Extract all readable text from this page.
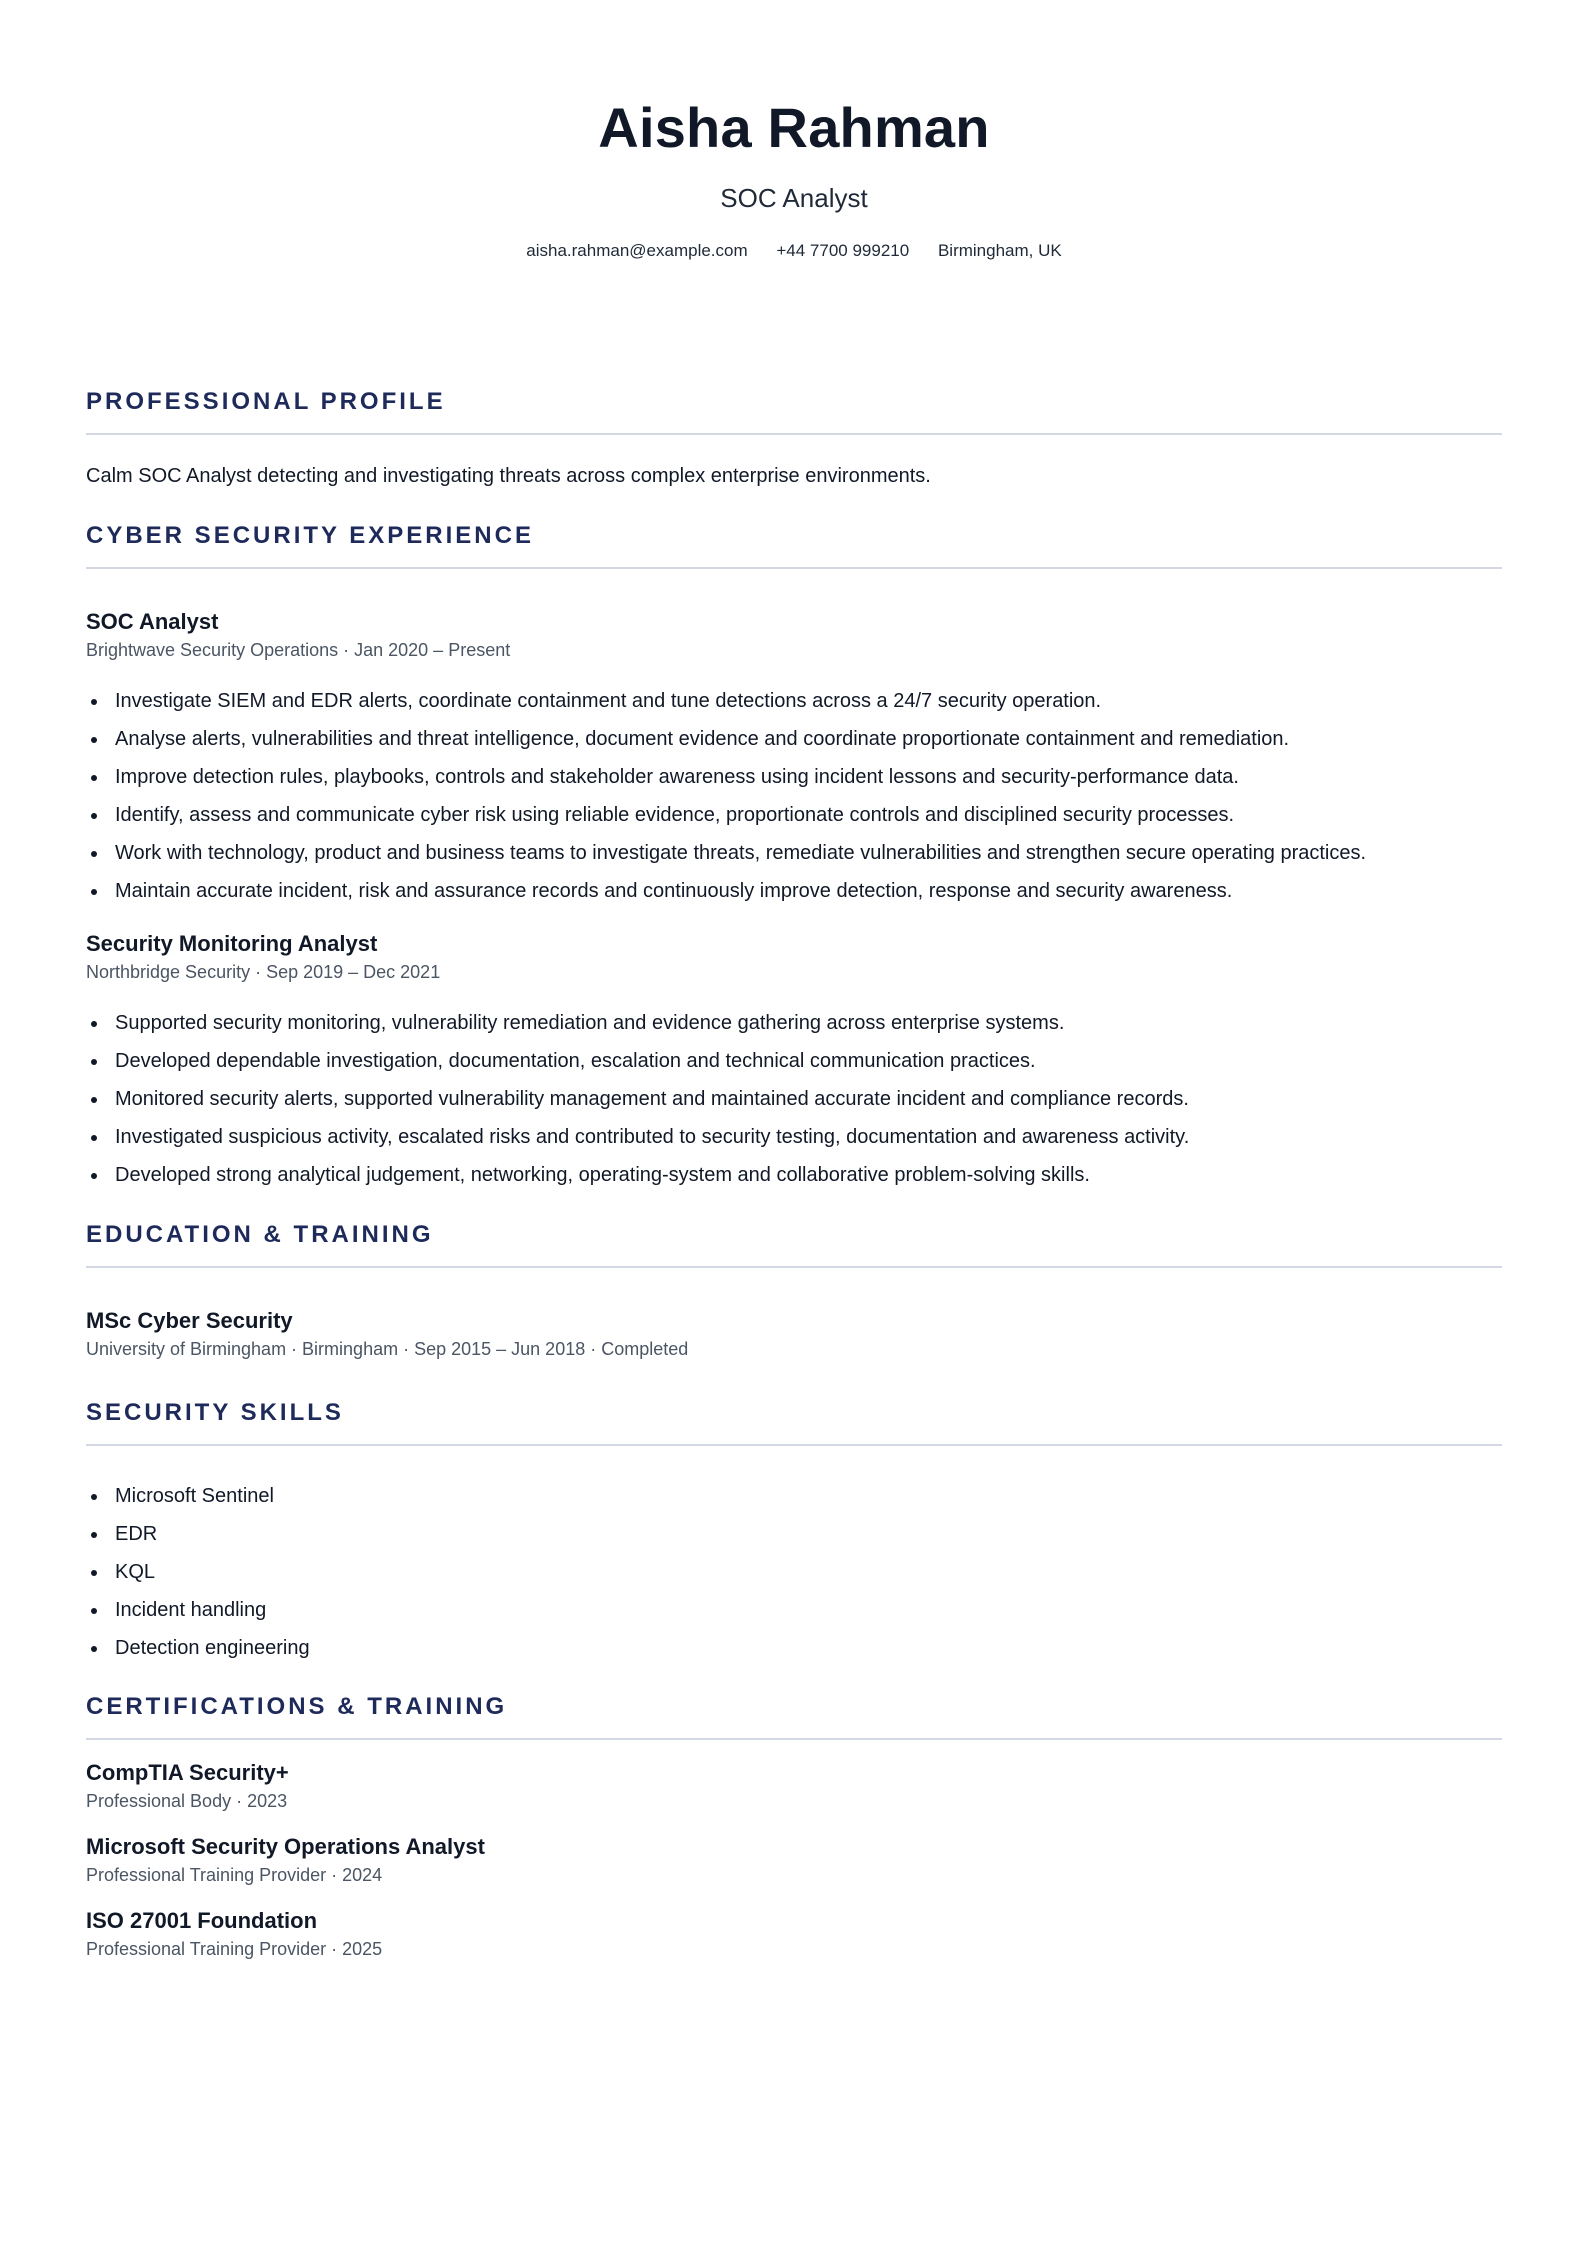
Aisha Rahman
SOC Analyst
aisha.rahman@example.com +44 7700 999210 Birmingham, UK
PROFESSIONAL PROFILE
Calm SOC Analyst detecting and investigating threats across complex enterprise environments.
CYBER SECURITY EXPERIENCE
SOC Analyst
Brightwave Security Operations · Jan 2020 – Present
Investigate SIEM and EDR alerts, coordinate containment and tune detections across a 24/7 security operation.
Analyse alerts, vulnerabilities and threat intelligence, document evidence and coordinate proportionate containment and remediation.
Improve detection rules, playbooks, controls and stakeholder awareness using incident lessons and security-performance data.
Identify, assess and communicate cyber risk using reliable evidence, proportionate controls and disciplined security processes.
Work with technology, product and business teams to investigate threats, remediate vulnerabilities and strengthen secure operating practices.
Maintain accurate incident, risk and assurance records and continuously improve detection, response and security awareness.
Security Monitoring Analyst
Northbridge Security · Sep 2019 – Dec 2021
Supported security monitoring, vulnerability remediation and evidence gathering across enterprise systems.
Developed dependable investigation, documentation, escalation and technical communication practices.
Monitored security alerts, supported vulnerability management and maintained accurate incident and compliance records.
Investigated suspicious activity, escalated risks and contributed to security testing, documentation and awareness activity.
Developed strong analytical judgement, networking, operating-system and collaborative problem-solving skills.
EDUCATION & TRAINING
MSc Cyber Security
University of Birmingham · Birmingham · Sep 2015 – Jun 2018 · Completed
SECURITY SKILLS
Microsoft Sentinel
EDR
KQL
Incident handling
Detection engineering
CERTIFICATIONS & TRAINING
CompTIA Security+
Professional Body · 2023
Microsoft Security Operations Analyst
Professional Training Provider · 2024
ISO 27001 Foundation
Professional Training Provider · 2025
